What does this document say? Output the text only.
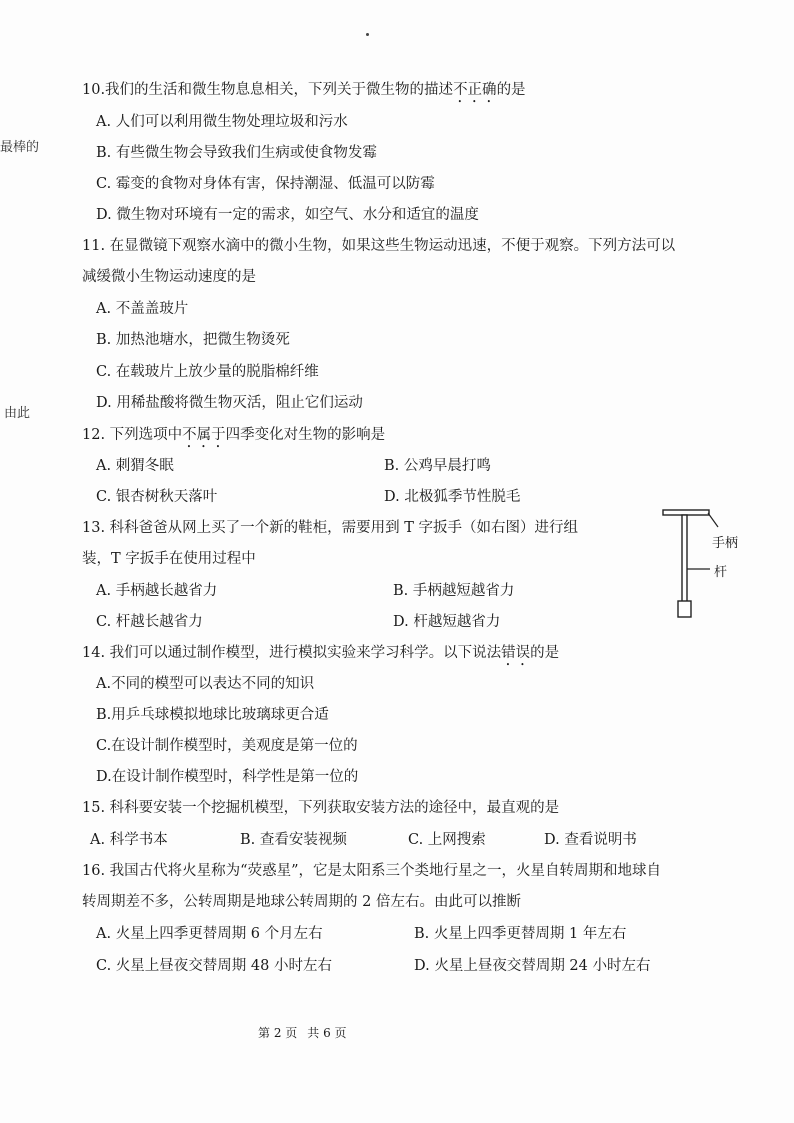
最棒的
由此
10.我们的生活和微生物息息相关，下列关于微生物的描述不正确的是
A. 人们可以利用微生物处理垃圾和污水
B. 有些微生物会导致我们生病或使食物发霉
C. 霉变的食物对身体有害，保持潮湿、低温可以防霉
D. 微生物对环境有一定的需求，如空气、水分和适宜的温度
11. 在显微镜下观察水滴中的微小生物，如果这些生物运动迅速，不便于观察。下列方法可以
减缓微小生物运动速度的是
A. 不盖盖玻片
B. 加热池塘水，把微生物烫死
C. 在载玻片上放少量的脱脂棉纤维
D. 用稀盐酸将微生物灭活，阻止它们运动
12. 下列选项中不属于四季变化对生物的影响是
A. 刺猬冬眠	B. 公鸡早晨打鸣
C. 银杏树秋天落叶	D. 北极狐季节性脱毛
13. 科科爸爸从网上买了一个新的鞋柜，需要用到 T 字扳手（如右图）进行组
装，T 字扳手在使用过程中
A. 手柄越长越省力	B. 手柄越短越省力
C. 杆越长越省力	D. 杆越短越省力
手柄
杆
14. 我们可以通过制作模型，进行模拟实验来学习科学。以下说法错误的是
A.不同的模型可以表达不同的知识
B.用乒乓球模拟地球比玻璃球更合适
C.在设计制作模型时，美观度是第一位的
D.在设计制作模型时，科学性是第一位的
15. 科科要安装一个挖掘机模型，下列获取安装方法的途径中，最直观的是
A. 科学书本	B. 查看安装视频	C. 上网搜索	D. 查看说明书
16. 我国古代将火星称为“荧惑星”，它是太阳系三个类地行星之一，火星自转周期和地球自
转周期差不多，公转周期是地球公转周期的 2 倍左右。由此可以推断
A. 火星上四季更替周期 6 个月左右	B. 火星上四季更替周期 1 年左右
C. 火星上昼夜交替周期 48 小时左右	D. 火星上昼夜交替周期 24 小时左右
第 2 页 共 6 页
